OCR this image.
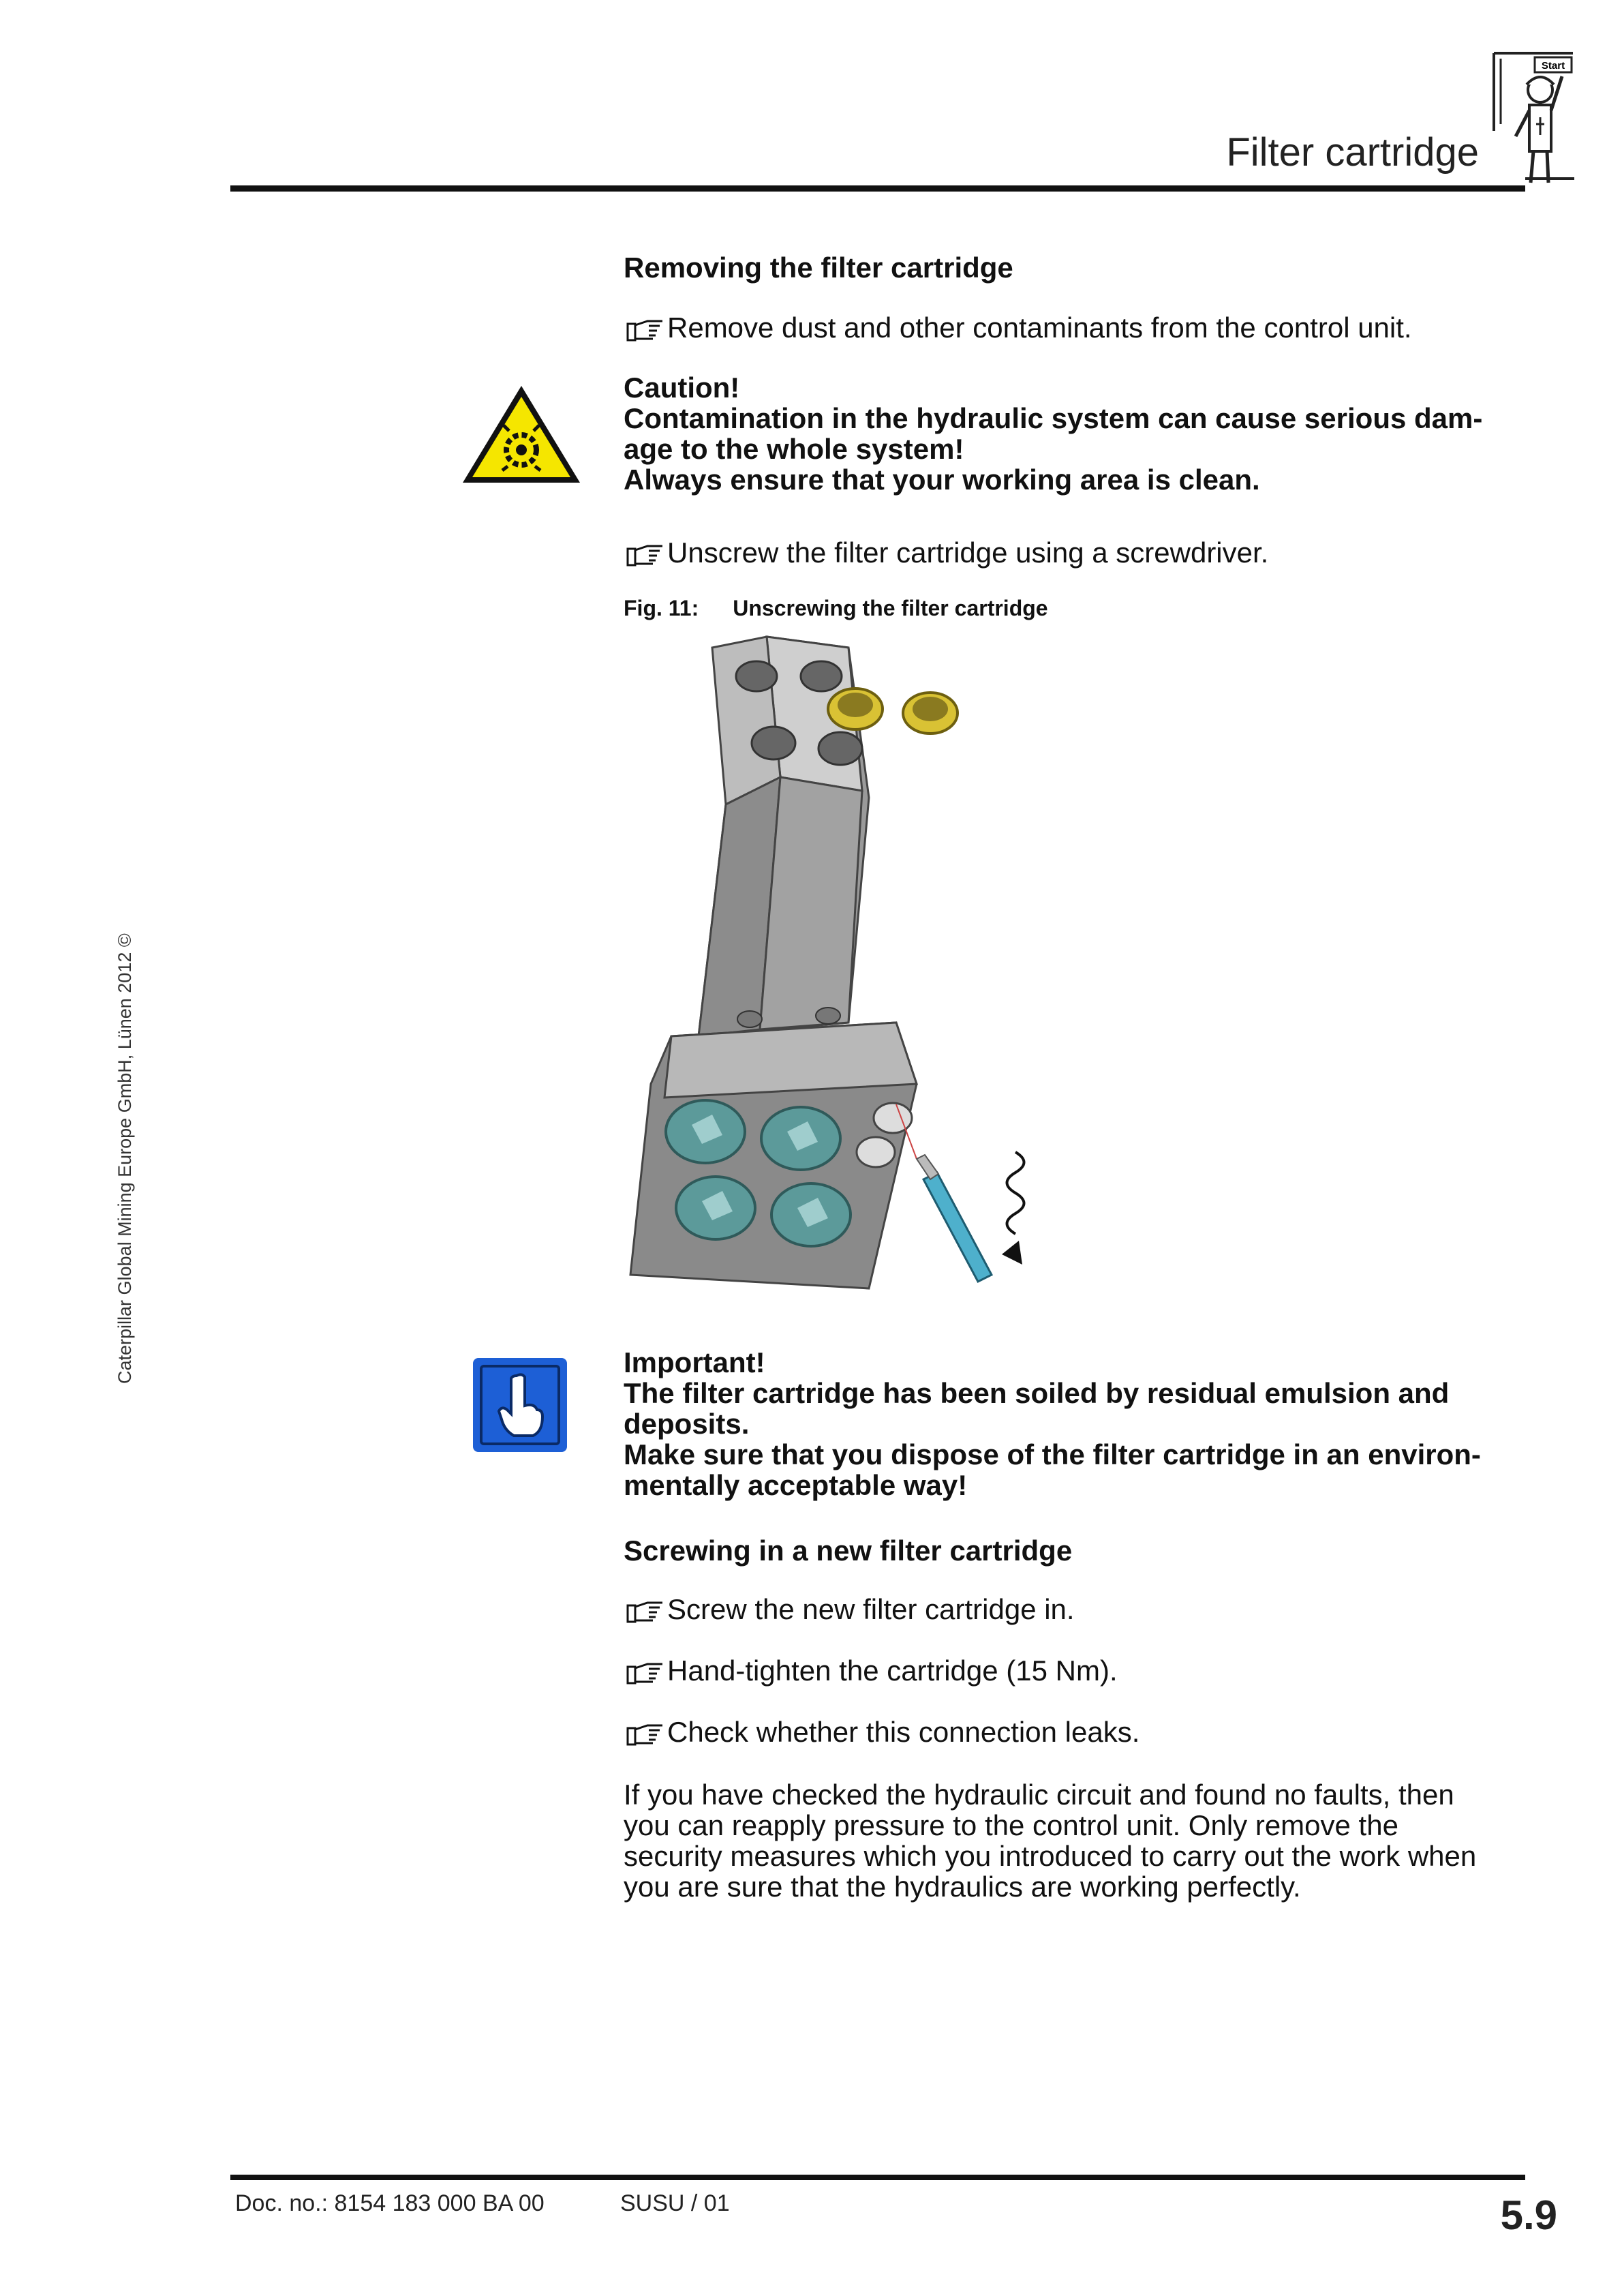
Filter cartridge
Start
Caterpillar Global Mining Europe GmbH, Lünen 2012 ©
Removing the filter cartridge
Remove dust and other contaminants from the control unit.
Caution!
Contamination in the hydraulic system can cause serious dam-
age to the whole system!
Always ensure that your working area is clean.
Unscrew the filter cartridge using a screwdriver.
Fig. 11: Unscrewing the filter cartridge
Important!
The filter cartridge has been soiled by residual emulsion and
deposits.
Make sure that you dispose of the filter cartridge in an environ-
mentally acceptable way!
Screwing in a new filter cartridge
Screw the new filter cartridge in.
Hand-tighten the cartridge (15 Nm).
Check whether this connection leaks.
If you have checked the hydraulic circuit and found no faults, then
you can reapply pressure to the control unit. Only remove the
security measures which you introduced to carry out the work when
you are sure that the hydraulics are working perfectly.
Doc. no.: 8154 183 000 BA 00	SUSU / 01	5.9
